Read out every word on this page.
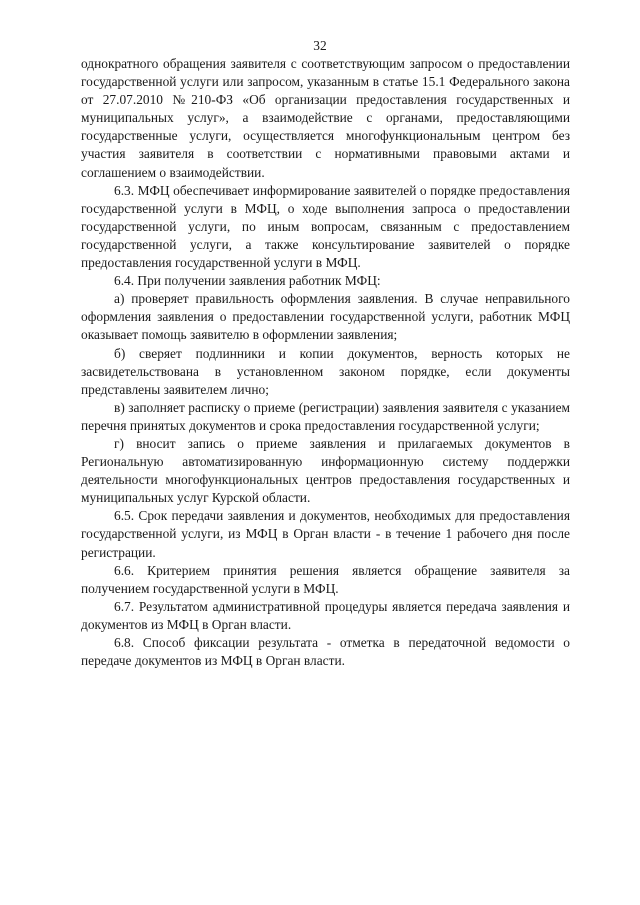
32

однократного обращения заявителя с соответствующим запросом о предоставлении государственной услуги или запросом, указанным в статье 15.1 Федерального закона от 27.07.2010 №210-ФЗ «Об организации предоставления государственных и муниципальных услуг», а взаимодействие с органами, предоставляющими государственные услуги, осуществляется многофункциональным центром без участия заявителя в соответствии с нормативными правовыми актами и соглашением о взаимодействии.

6.3. МФЦ обеспечивает информирование заявителей о порядке предоставления государственной услуги в МФЦ, о ходе выполнения запроса о предоставлении государственной услуги, по иным вопросам, связанным с предоставлением государственной услуги, а также консультирование заявителей о порядке предоставления государственной услуги в МФЦ.

6.4. При получении заявления работник МФЦ:

а) проверяет правильность оформления заявления. В случае неправильного оформления заявления о предоставлении государственной услуги, работник МФЦ оказывает помощь заявителю в оформлении заявления;

б) сверяет подлинники и копии документов, верность которых не засвидетельствована в установленном законом порядке, если документы представлены заявителем лично;

в) заполняет расписку о приеме (регистрации) заявления заявителя с указанием перечня принятых документов и срока предоставления государственной услуги;

г) вносит запись о приеме заявления и прилагаемых документов в Региональную автоматизированную информационную систему поддержки деятельности многофункциональных центров предоставления государственных и муниципальных услуг Курской области.

6.5. Срок передачи заявления и документов, необходимых для предоставления государственной услуги, из МФЦ в Орган власти - в течение 1 рабочего дня после регистрации.

6.6. Критерием принятия решения является обращение заявителя за получением государственной услуги в МФЦ.

6.7. Результатом административной процедуры является передача заявления и документов из МФЦ в Орган власти.

6.8. Способ фиксации результата - отметка в передаточной ведомости о передаче документов из МФЦ в Орган власти.
